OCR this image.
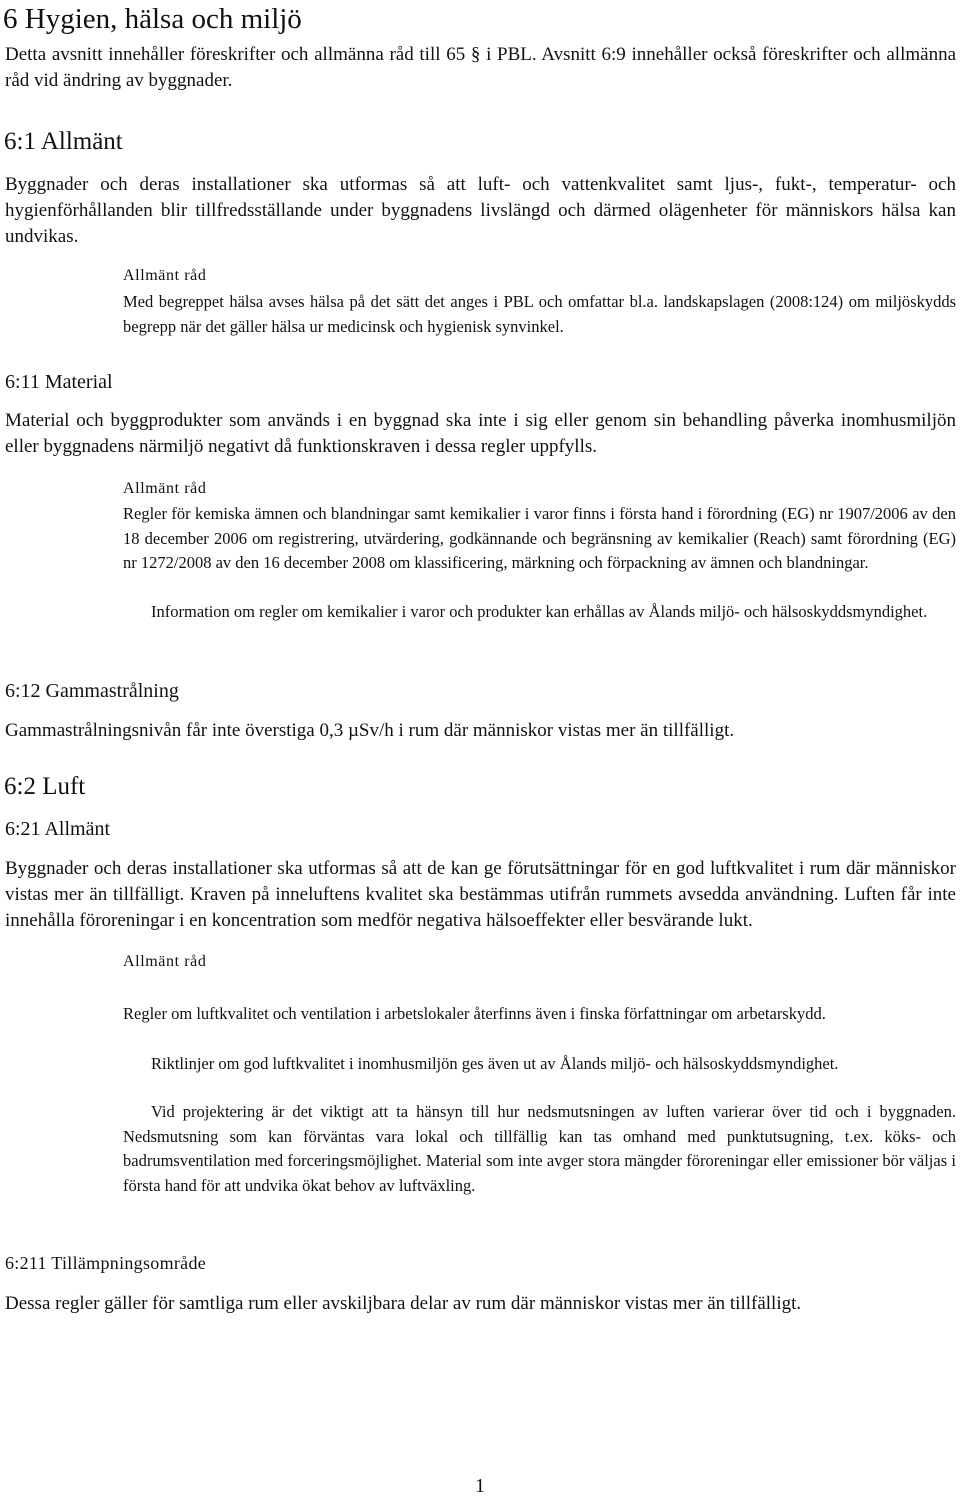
6 Hygien, hälsa och miljö

Detta avsnitt innehåller föreskrifter och allmänna råd till 65 § i PBL. Avsnitt 6:9 innehåller också föreskrifter och allmänna råd vid ändring av byggnader.

6:1 Allmänt

Byggnader och deras installationer ska utformas så att luft- och vattenkvalitet samt ljus-, fukt-, temperatur- och hygienförhållanden blir tillfredsställande under byggnadens livslängd och därmed olägenheter för människors hälsa kan undvikas.

Allmänt råd

Med begreppet hälsa avses hälsa på det sätt det anges i PBL och omfattar bl.a. landskapslagen (2008:124) om miljöskydds begrepp när det gäller hälsa ur medicinsk och hygienisk synvinkel.

6:11 Material

Material och byggprodukter som används i en byggnad ska inte i sig eller genom sin behandling påverka inomhusmiljön eller byggnadens närmiljö negativt då funktionskraven i dessa regler uppfylls.

Allmänt råd

Regler för kemiska ämnen och blandningar samt kemikalier i varor finns i första hand i förordning (EG) nr 1907/2006 av den 18 december 2006 om registrering, utvärdering, godkännande och begränsning av kemikalier (Reach) samt förordning (EG) nr 1272/2008 av den 16 december 2008 om klassificering, märkning och förpackning av ämnen och blandningar.

Information om regler om kemikalier i varor och produkter kan erhållas av Ålands miljö- och hälsoskyddsmyndighet.

6:12 Gammastrålning

Gammastrålningsnivån får inte överstiga 0,3 µSv/h i rum där människor vistas mer än tillfälligt.

6:2 Luft
6:21 Allmänt

Byggnader och deras installationer ska utformas så att de kan ge förutsättningar för en god luftkvalitet i rum där människor vistas mer än tillfälligt. Kraven på inneluftens kvalitet ska bestämmas utifrån rummets avsedda användning. Luften får inte innehålla föroreningar i en koncentration som medför negativa hälsoeffekter eller besvärande lukt.

Allmänt råd

Regler om luftkvalitet och ventilation i arbetslokaler återfinns även i finska författningar om arbetarskydd.

Riktlinjer om god luftkvalitet i inomhusmiljön ges även ut av Ålands miljö- och hälsoskyddsmyndighet.

Vid projektering är det viktigt att ta hänsyn till hur nedsmutsningen av luften varierar över tid och i byggnaden. Nedsmutsning som kan förväntas vara lokal och tillfällig kan tas omhand med punktutsugning, t.ex. köks- och badrumsventilation med forceringsmöjlighet. Material som inte avger stora mängder föroreningar eller emissioner bör väljas i första hand för att undvika ökat behov av luftväxling.

6:211 Tillämpningsområde

Dessa regler gäller för samtliga rum eller avskiljbara delar av rum där människor vistas mer än tillfälligt.

1
